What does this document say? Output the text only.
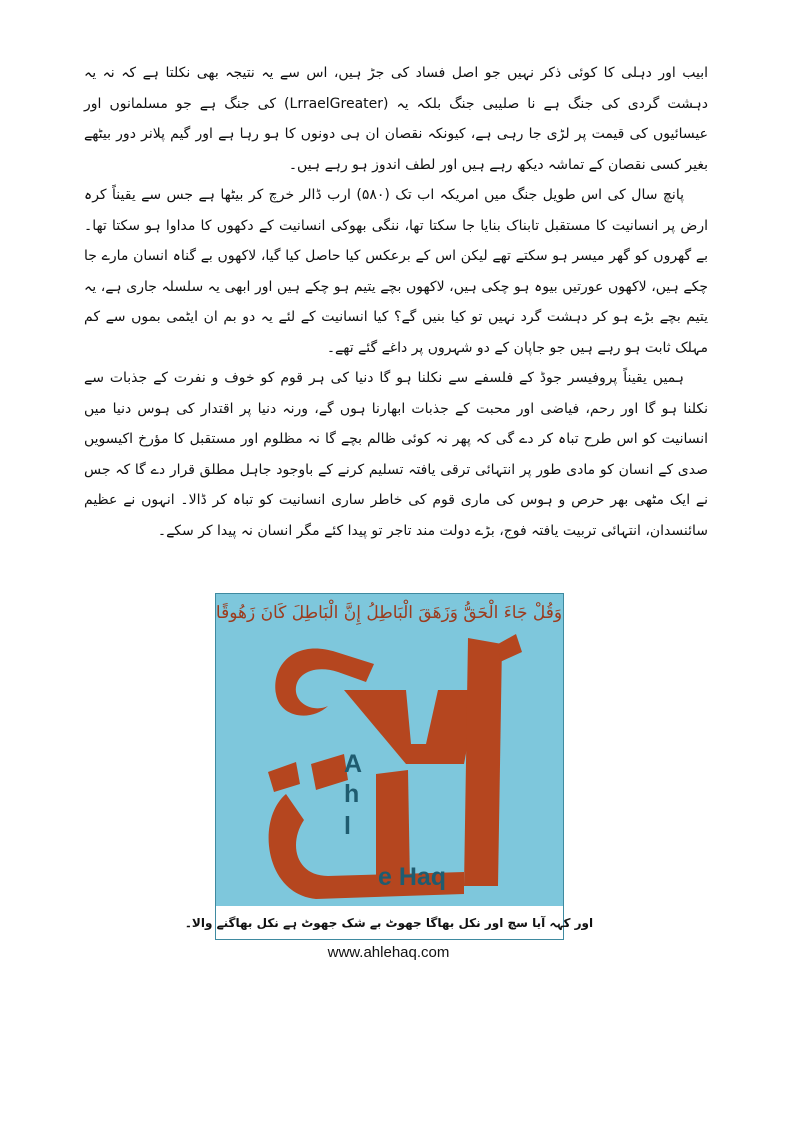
ابیب اور دہلی کا کوئی ذکر نہیں جو اصل فساد کی جڑ ہیں، اس سے یہ نتیجہ بھی نکلتا ہے کہ نہ یہ دہشت گردی کی جنگ ہے نا صلیبی جنگ بلکہ یہ (LrraelGreater) کی جنگ ہے جو مسلمانوں اور عیسائیوں کی قیمت پر لڑی جا رہی ہے، کیونکہ نقصان ان ہی دونوں کا ہو رہا ہے اور گیم پلانر دور بیٹھے بغیر کسی نقصان کے تماشہ دیکھ رہے ہیں اور لطف اندوز ہو رہے ہیں۔

پانچ سال کی اس طویل جنگ میں امریکہ اب تک (۵۸۰) ارب ڈالر خرچ کر بیٹھا ہے جس سے یقیناً کرہ ارض پر انسانیت کا مستقبل تابناک بنایا جا سکتا تھا، ننگی بھوکی انسانیت کے دکھوں کا مداوا ہو سکتا تھا۔ بے گھروں کو گھر میسر ہو سکتے تھے لیکن اس کے برعکس کیا حاصل کیا گیا، لاکھوں بے گناہ انسان مارے جا چکے ہیں، لاکھوں عورتیں بیوہ ہو چکی ہیں، لاکھوں بچے یتیم ہو چکے ہیں اور ابھی یہ سلسلہ جاری ہے، یہ یتیم بچے بڑے ہو کر دہشت گرد نہیں تو کیا بنیں گے؟ کیا انسانیت کے لئے یہ دو بم ان ایٹمی بموں سے کم مہلک ثابت ہو رہے ہیں جو جاپان کے دو شہروں پر داغے گئے تھے۔

ہمیں یقیناً پروفیسر جوڈ کے فلسفے سے نکلنا ہو گا دنیا کی ہر قوم کو خوف و نفرت کے جذبات سے نکلنا ہو گا اور رحم، فیاضی اور محبت کے جذبات ابھارنا ہوں گے، ورنہ دنیا پر اقتدار کی ہوس دنیا میں انسانیت کو اس طرح تباہ کر دے گی کہ پھر نہ کوئی ظالم بچے گا نہ مظلوم اور مستقبل کا مؤرخ اکیسویں صدی کے انسان کو مادی طور پر انتہائی ترقی یافتہ تسلیم کرنے کے باوجود جاہل مطلق قرار دے گا کہ جس نے ایک مٹھی بھر حرص و ہوس کی ماری قوم کی خاطر ساری انسانیت کو تباہ کر ڈالا۔ انہوں نے عظیم سائنسدان، انتہائی تربیت یافتہ فوج، بڑے دولت مند تاجر تو پیدا کئے مگر انسان نہ پیدا کر سکے۔

وَقُلْ جَاءَ الْحَقُّ وَزَهَقَ الْبَاطِلُ إِنَّ الْبَاطِلَ كَانَ زَهُوقًا
A
h
l
e Haq
اور کہہ آیا سچ اور نکل بھاگا جھوٹ بے شک جھوٹ ہے نکل بھاگنے والا۔
www.ahlehaq.com
